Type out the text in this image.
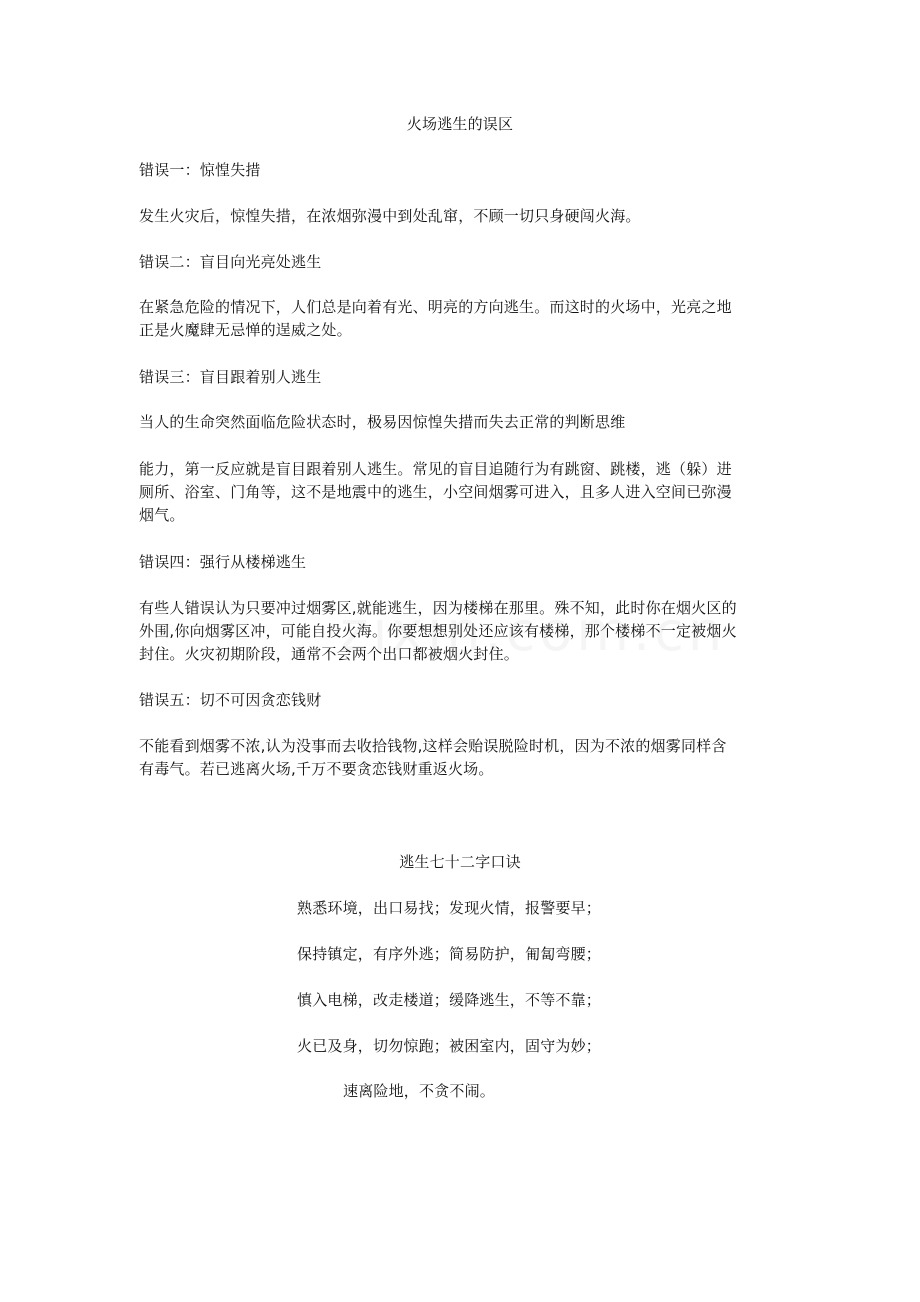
火场逃生的误区
错误一：惊惶失措
发生火灾后，惊惶失措，在浓烟弥漫中到处乱窜，不顾一切只身硬闯火海。
错误二：盲目向光亮处逃生
在紧急危险的情况下，人们总是向着有光、明亮的方向逃生。而这时的火场中，光亮之地
正是火魔肆无忌惮的逞威之处。
错误三：盲目跟着别人逃生
当人的生命突然面临危险状态时，极易因惊惶失措而失去正常的判断思维
能力，第一反应就是盲目跟着别人逃生。常见的盲目追随行为有跳窗、跳楼，逃（躲）进
厕所、浴室、门角等，这不是地震中的逃生，小空间烟雾可进入，且多人进入空间已弥漫
烟气。
错误四：强行从楼梯逃生
有些人错误认为只要冲过烟雾区,就能逃生，因为楼梯在那里。殊不知，此时你在烟火区的
外围,你向烟雾区冲，可能自投火海。你要想想别处还应该有楼梯，那个楼梯不一定被烟火
封住。火灾初期阶段，通常不会两个出口都被烟火封住。
错误五：切不可因贪恋钱财
不能看到烟雾不浓,认为没事而去收拾钱物,这样会贻误脱险时机，因为不浓的烟雾同样含
有毒气。若已逃离火场,千万不要贪恋钱财重返火场。
逃生七十二字口诀
熟悉环境，出口易找；发现火情，报警要早；
保持镇定，有序外逃；简易防护，匍匐弯腰；
慎入电梯，改走楼道；缓降逃生，不等不靠；
火已及身，切勿惊跑；被困室内，固守为妙；
速离险地，不贪不闹。
